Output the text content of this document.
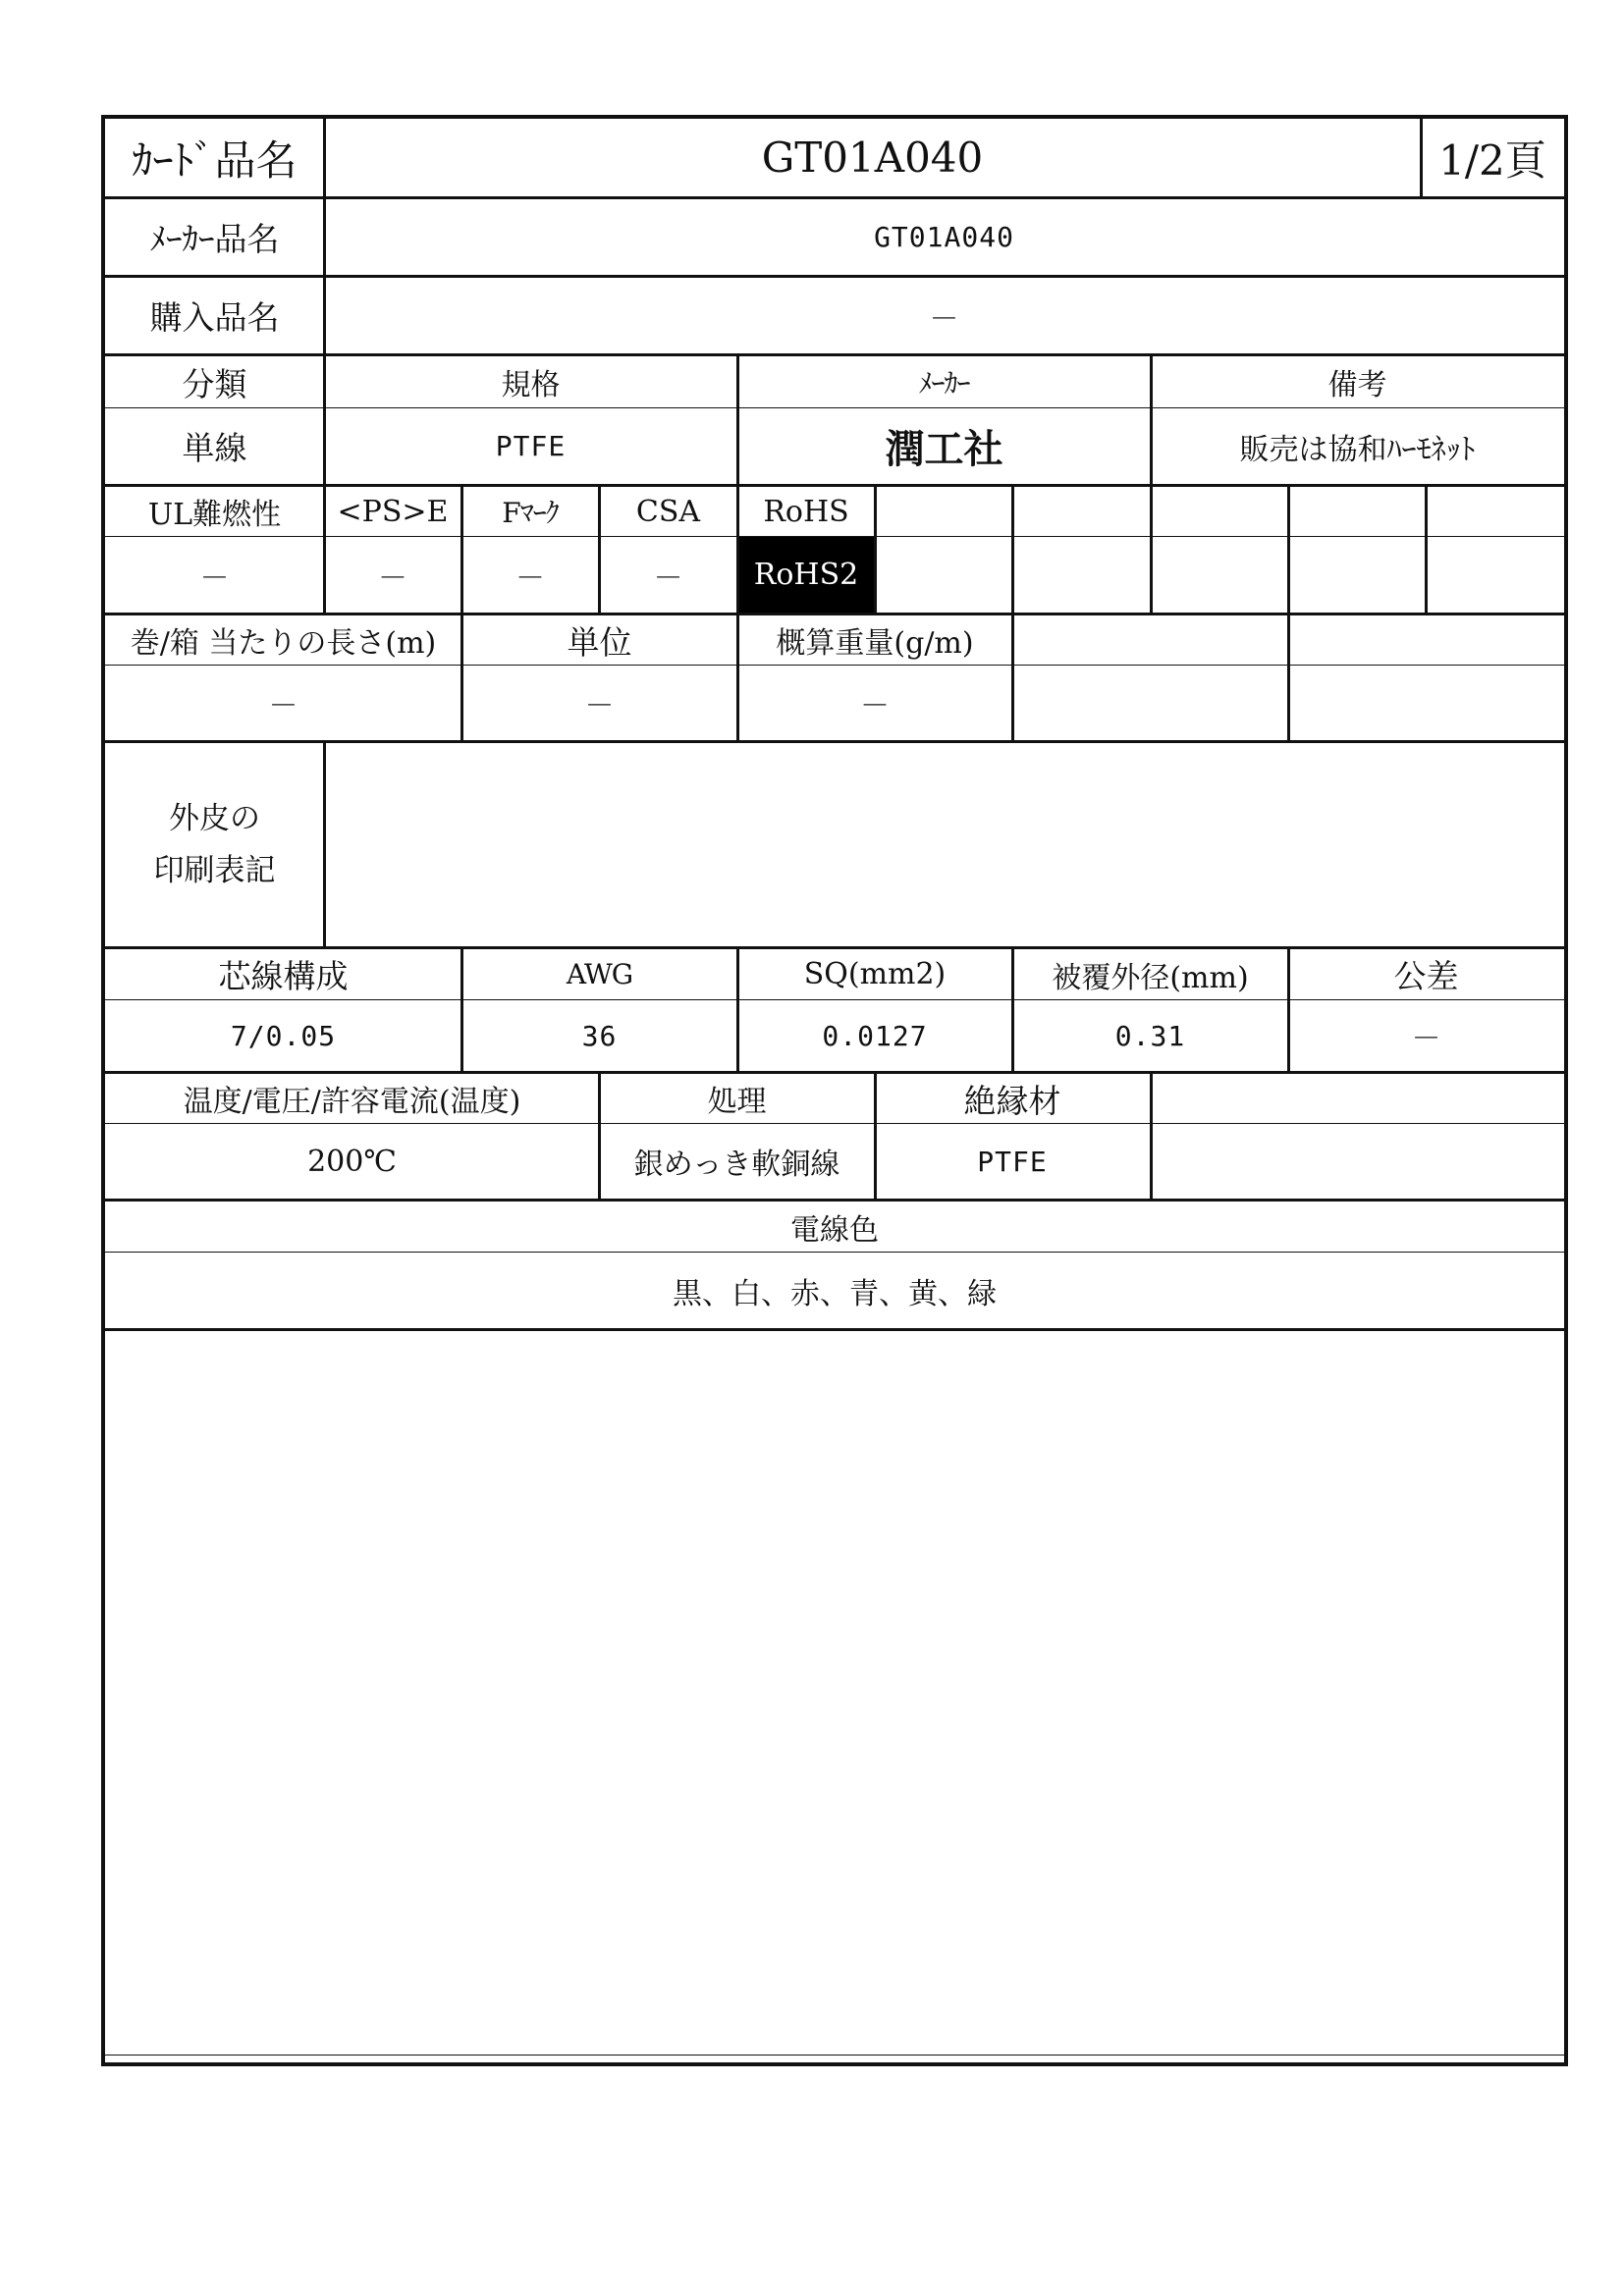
ｶｰﾄﾞ品名	GT01A040	1/2頁
ﾒｰｶｰ品名	GT01A040
購入品名	－
分類	規格	ﾒｰｶｰ	備考
単線	PTFE	潤工社	販売は協和ﾊｰﾓﾈｯﾄ
UL難燃性	<PS>E	Fﾏｰｸ	CSA	RoHS
－	－	－	－	RoHS2
巻/箱 当たりの長さ(m)	単位	概算重量(g/m)
－	－	－
外皮の
印刷表記
芯線構成	AWG	SQ(mm2)	被覆外径(mm)	公差
7/0.05	36	0.0127	0.31	－
温度/電圧/許容電流(温度)	処理	絶縁材
200℃	銀めっき軟銅線	PTFE
電線色
黒、白、赤、青、黄、緑
